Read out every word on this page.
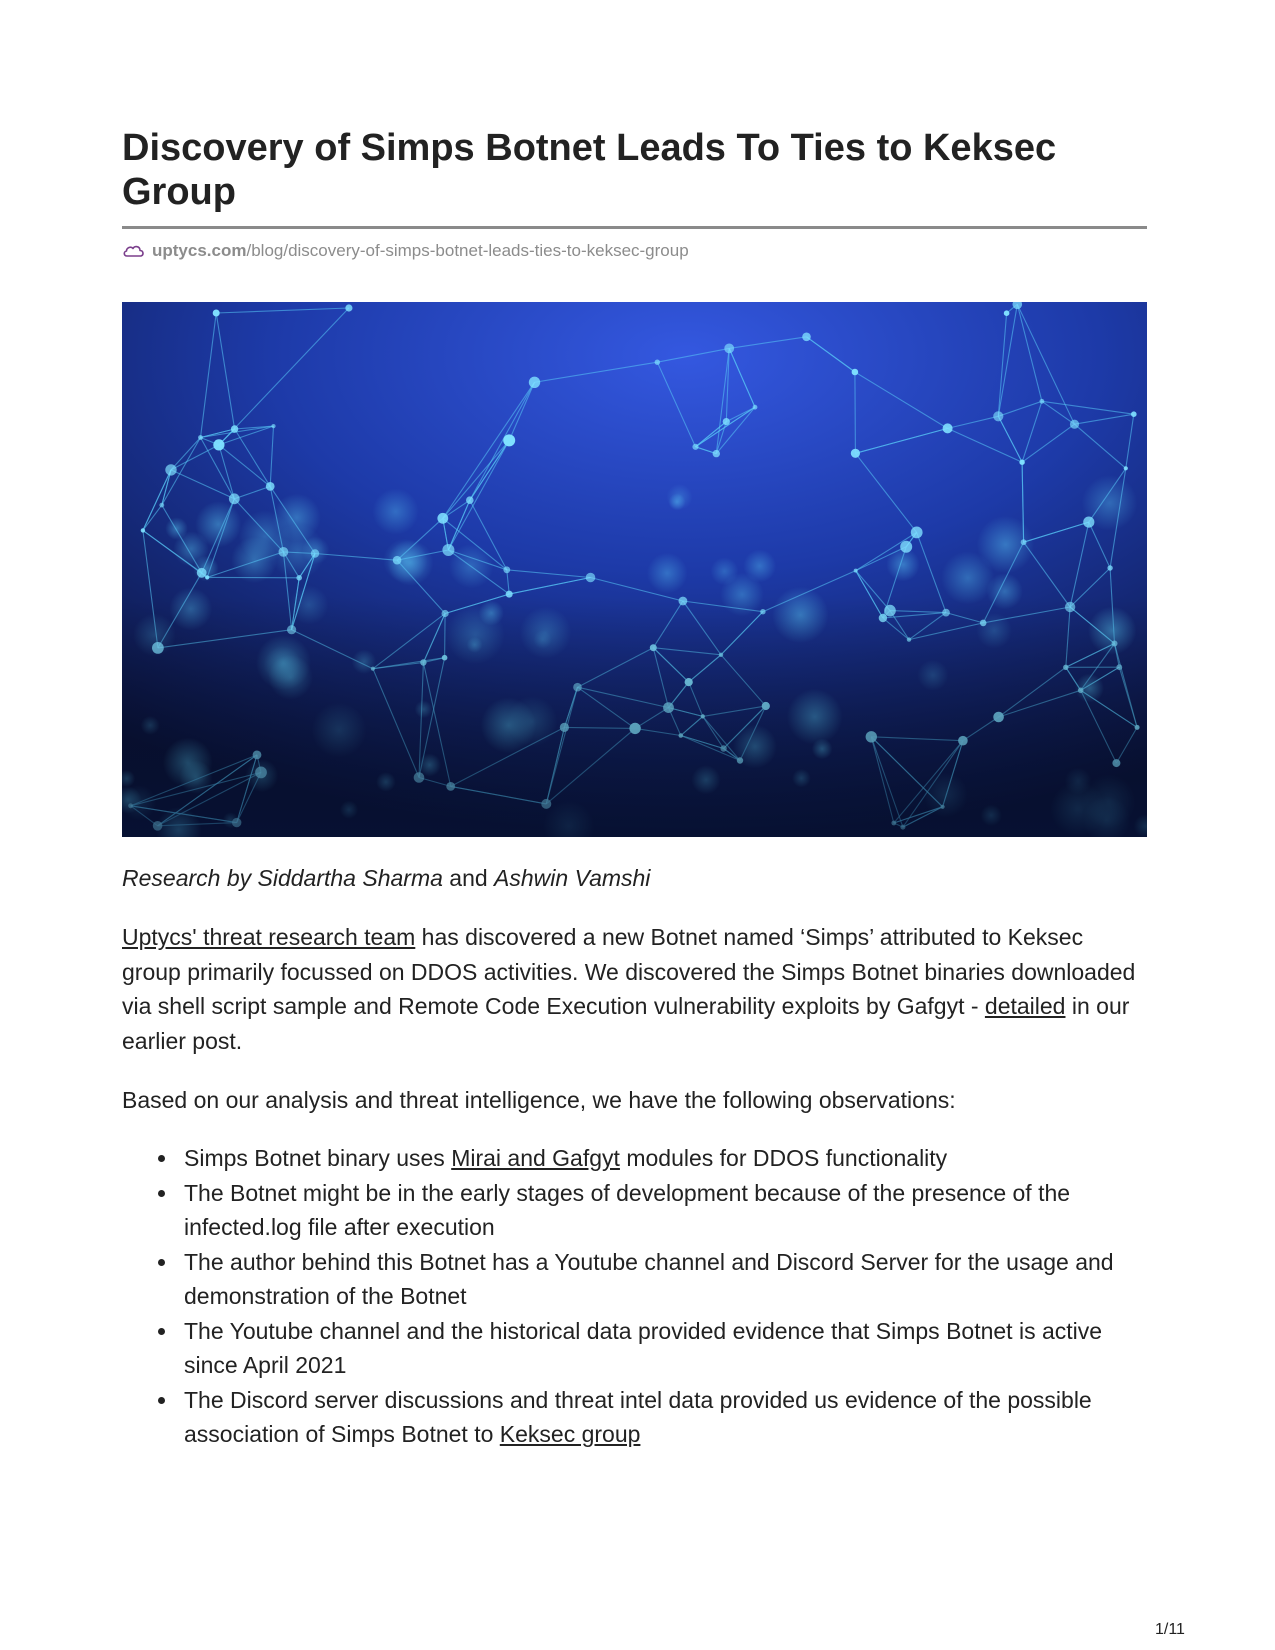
Discovery of Simps Botnet Leads To Ties to Keksec Group
uptycs.com /blog/discovery-of-simps-botnet-leads-ties-to-keksec-group
Research by Siddartha Sharma and Ashwin Vamshi

Uptycs' threat research team has discovered a new Botnet named ‘Simps’ attributed to Keksec group primarily focussed on DDOS activities. We discovered the Simps Botnet binaries downloaded via shell script sample and Remote Code Execution vulnerability exploits by Gafgyt - detailed in our earlier post.

Based on our analysis and threat intelligence, we have the following observations:

Simps Botnet binary uses Mirai and Gafgyt modules for DDOS functionality
The Botnet might be in the early stages of development because of the presence of the infected.log file after execution
The author behind this Botnet has a Youtube channel and Discord Server for the usage and demonstration of the Botnet
The Youtube channel and the historical data provided evidence that Simps Botnet is active since April 2021
The Discord server discussions and threat intel data provided us evidence of the possible association of Simps Botnet to Keksec group
1/11
